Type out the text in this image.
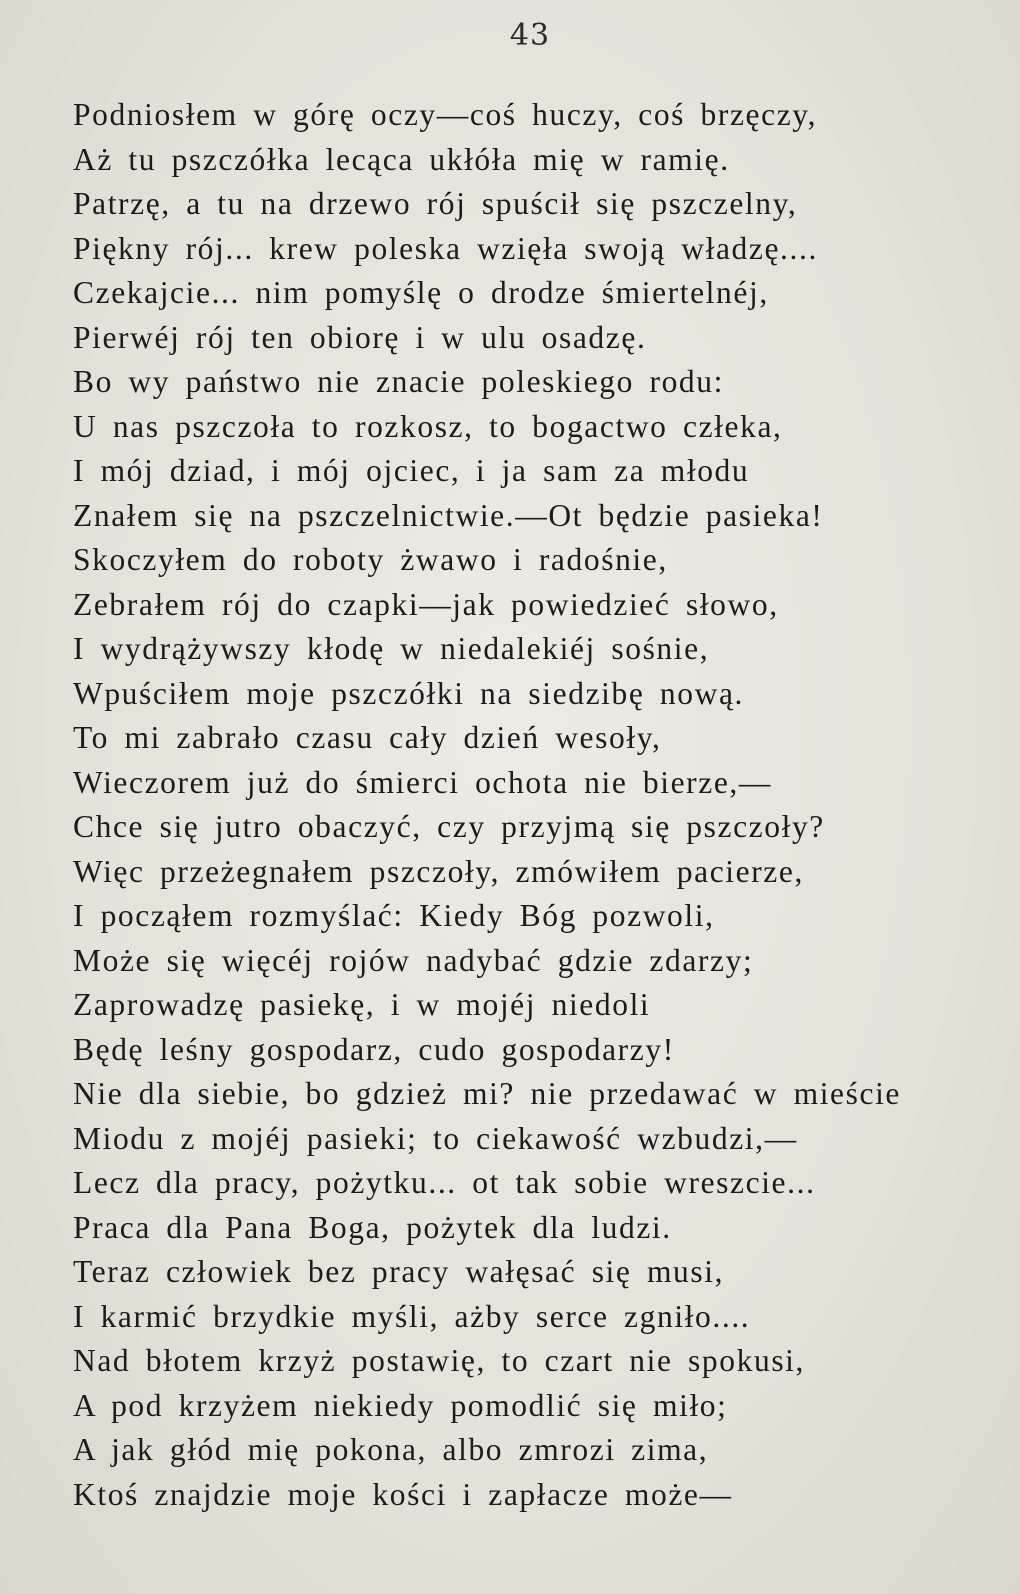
43
Podniosłem w górę oczy—coś huczy, coś brzęczy,
Aż tu pszczółka lecąca ukłóła mię w ramię.
Patrzę, a tu na drzewo rój spuścił się pszczelny,
Piękny rój... krew poleska wzięła swoją władzę....
Czekajcie... nim pomyślę o drodze śmiertelnéj,
Pierwéj rój ten obiorę i w ulu osadzę.
Bo wy państwo nie znacie poleskiego rodu:
U nas pszczoła to rozkosz, to bogactwo człeka,
I mój dziad, i mój ojciec, i ja sam za młodu
Znałem się na pszczelnictwie.—Ot będzie pasieka!
Skoczyłem do roboty żwawo i radośnie,
Zebrałem rój do czapki—jak powiedzieć słowo,
I wydrążywszy kłodę w niedalekiéj sośnie,
Wpuściłem moje pszczółki na siedzibę nową.
To mi zabrało czasu cały dzień wesoły,
Wieczorem już do śmierci ochota nie bierze,—
Chce się jutro obaczyć, czy przyjmą się pszczoły?
Więc przeżegnałem pszczoły, zmówiłem pacierze,
I począłem rozmyślać: Kiedy Bóg pozwoli,
Może się więcéj rojów nadybać gdzie zdarzy;
Zaprowadzę pasiekę, i w mojéj niedoli
Będę leśny gospodarz, cudo gospodarzy!
Nie dla siebie, bo gdzież mi? nie przedawać w mieście
Miodu z mojéj pasieki; to ciekawość wzbudzi,—
Lecz dla pracy, pożytku... ot tak sobie wreszcie...
Praca dla Pana Boga, pożytek dla ludzi.
Teraz człowiek bez pracy wałęsać się musi,
I karmić brzydkie myśli, ażby serce zgniło....
Nad błotem krzyż postawię, to czart nie spokusi,
A pod krzyżem niekiedy pomodlić się miło;
A jak głód mię pokona, albo zmrozi zima,
Ktoś znajdzie moje kości i zapłacze może—
